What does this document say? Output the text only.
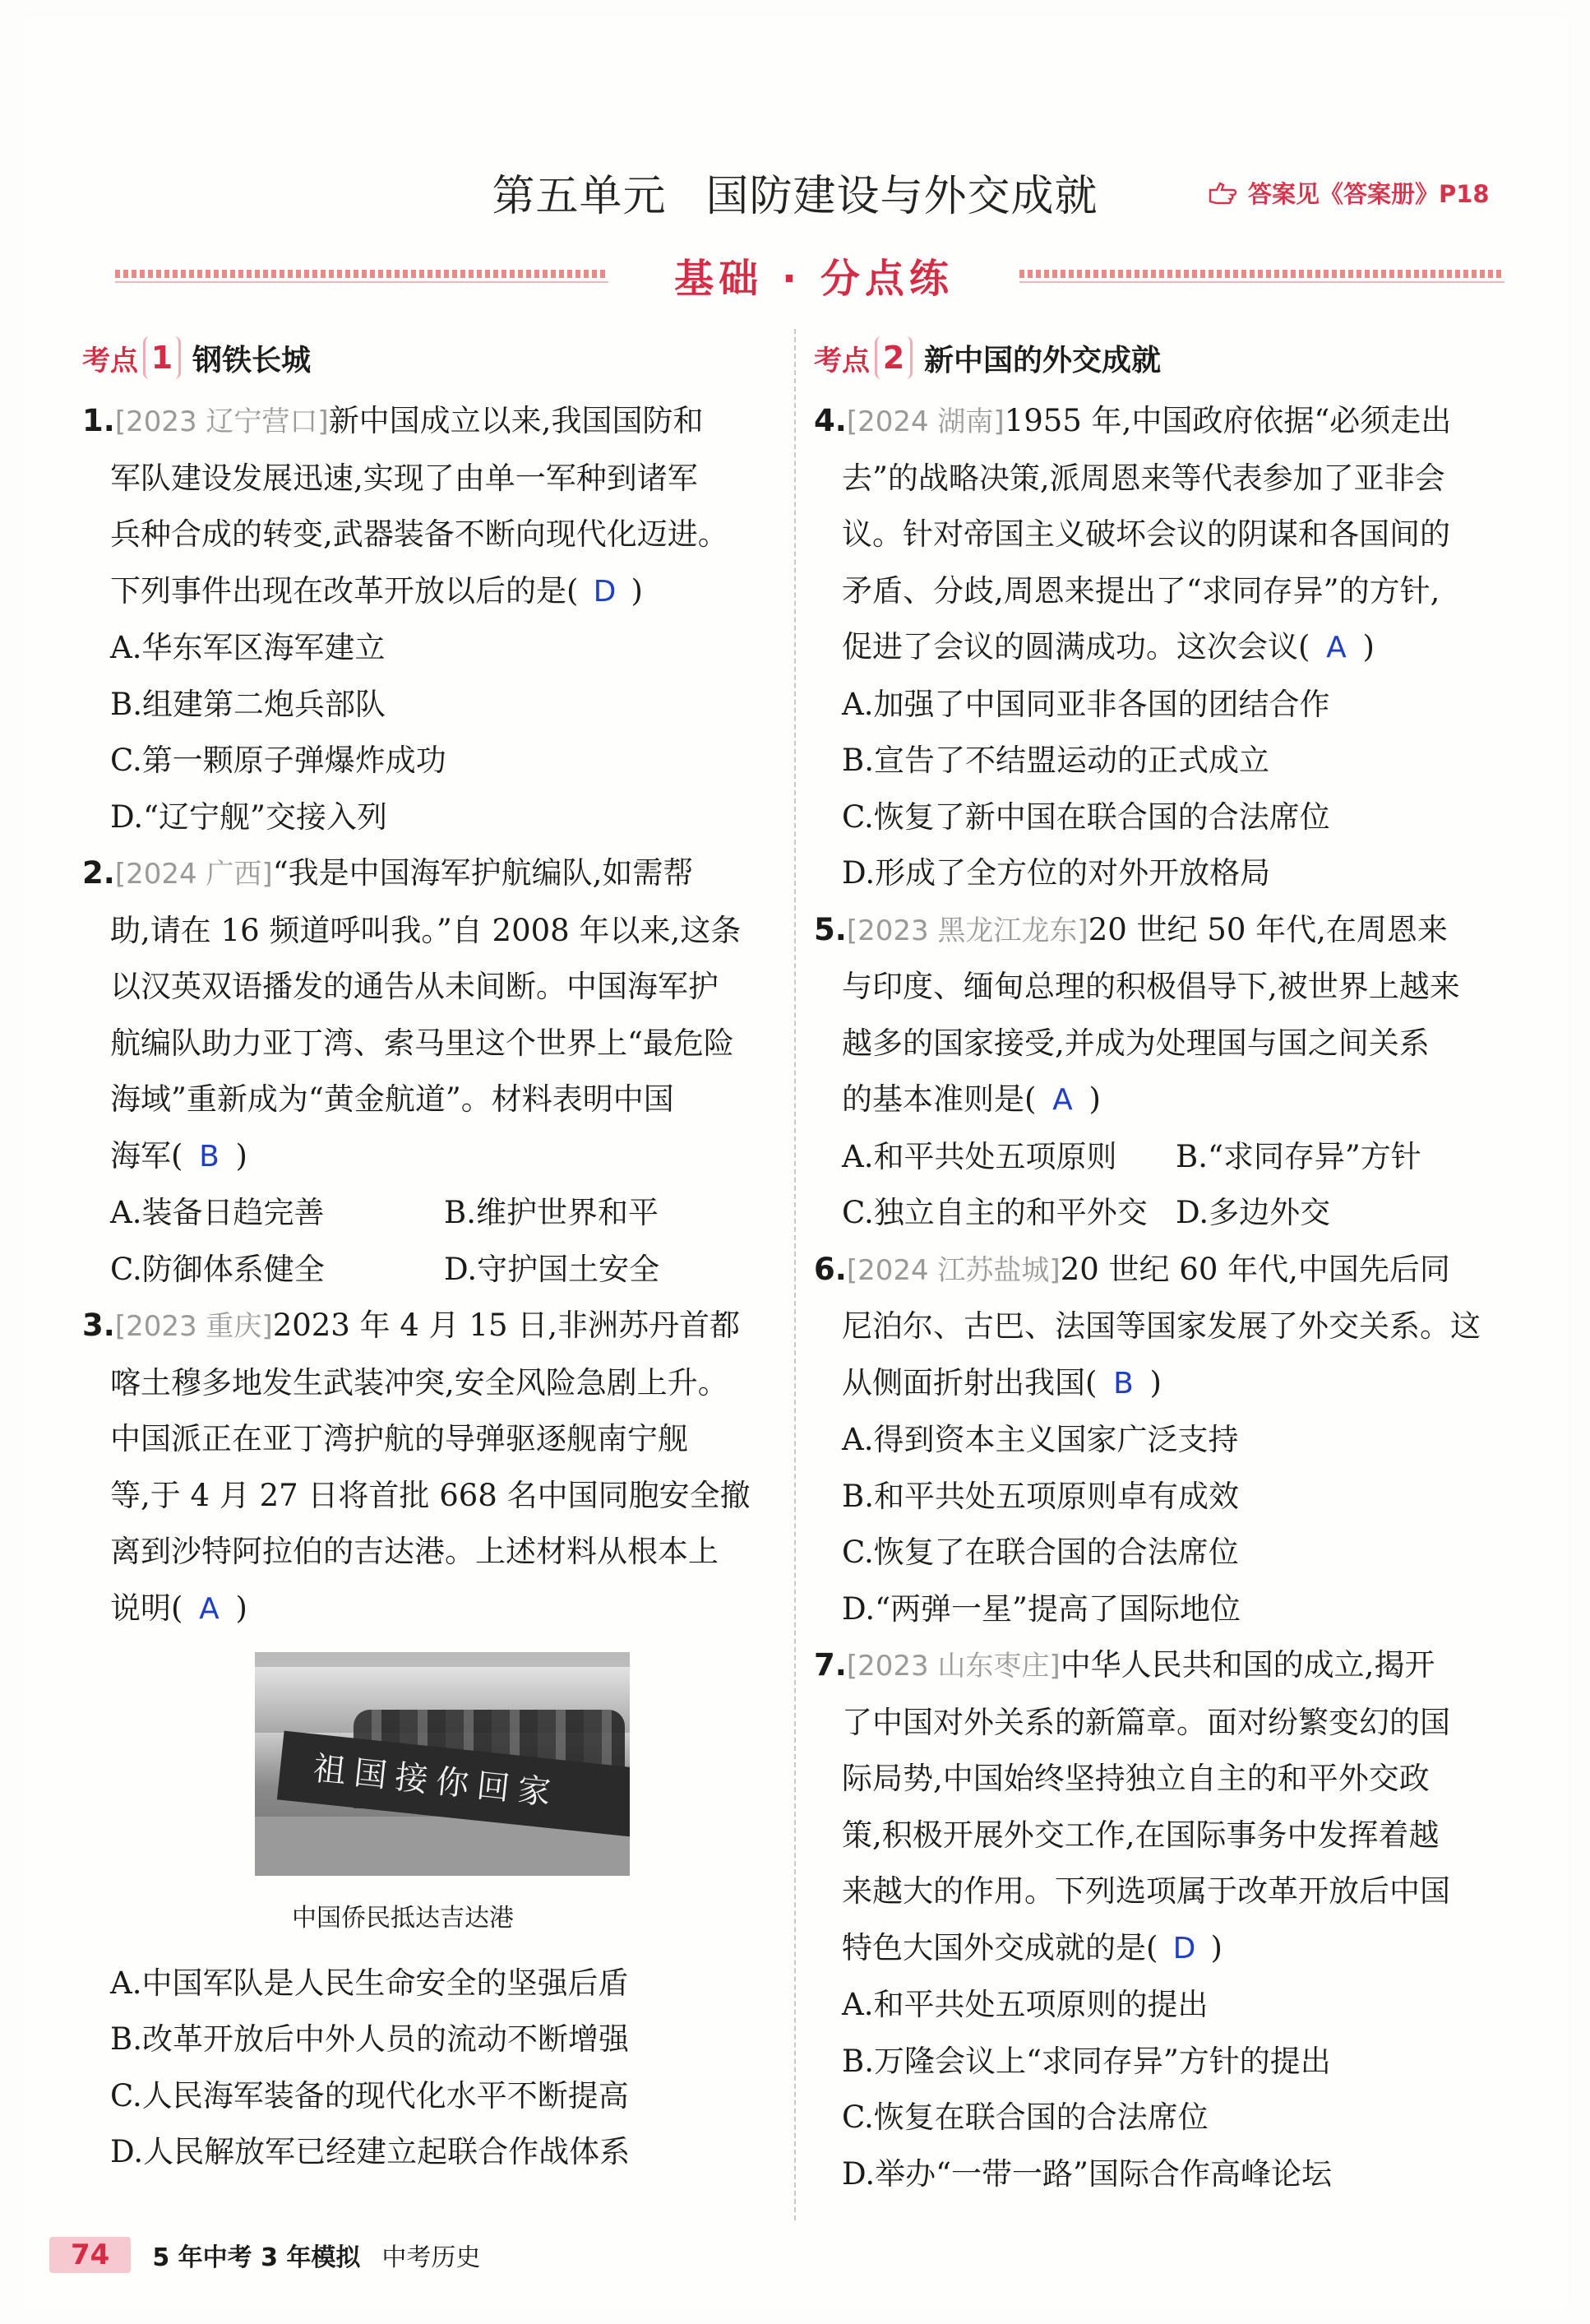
第五单元 国防建设与外交成就	答案见《答案册》P18
基础 · 分点练
考点 1 钢铁长城
1.[2023 辽宁营口]新中国成立以来,我国国防和
军队建设发展迅速,实现了由单一军种到诸军
兵种合成的转变,武器装备不断向现代化迈进。
下列事件出现在改革开放以后的是( D )
A.华东军区海军建立
B.组建第二炮兵部队
C.第一颗原子弹爆炸成功
D.“辽宁舰”交接入列
2.[2024 广西]“我是中国海军护航编队,如需帮
助,请在 16 频道呼叫我。”自 2008 年以来,这条
以汉英双语播发的通告从未间断。中国海军护
航编队助力亚丁湾、索马里这个世界上“最危险
海域”重新成为“黄金航道”。材料表明中国
海军( B )
A.装备日趋完善	B.维护世界和平
C.防御体系健全	D.守护国土安全
3.[2023 重庆]2023 年 4 月 15 日,非洲苏丹首都
喀土穆多地发生武装冲突,安全风险急剧上升。
中国派正在亚丁湾护航的导弹驱逐舰南宁舰
等,于 4 月 27 日将首批 668 名中国同胞安全撤
离到沙特阿拉伯的吉达港。上述材料从根本上
说明( A )
祖国接你回家
中国侨民抵达吉达港
A.中国军队是人民生命安全的坚强后盾
B.改革开放后中外人员的流动不断增强
C.人民海军装备的现代化水平不断提高
D.人民解放军已经建立起联合作战体系
考点 2 新中国的外交成就
4.[2024 湖南]1955 年,中国政府依据“必须走出
去”的战略决策,派周恩来等代表参加了亚非会
议。针对帝国主义破坏会议的阴谋和各国间的
矛盾、分歧,周恩来提出了“求同存异”的方针,
促进了会议的圆满成功。这次会议( A )
A.加强了中国同亚非各国的团结合作
B.宣告了不结盟运动的正式成立
C.恢复了新中国在联合国的合法席位
D.形成了全方位的对外开放格局
5.[2023 黑龙江龙东]20 世纪 50 年代,在周恩来
与印度、缅甸总理的积极倡导下,被世界上越来
越多的国家接受,并成为处理国与国之间关系
的基本准则是( A )
A.和平共处五项原则	B.“求同存异”方针
C.独立自主的和平外交 D.多边外交
6.[2024 江苏盐城]20 世纪 60 年代,中国先后同
尼泊尔、古巴、法国等国家发展了外交关系。这
从侧面折射出我国( B )
A.得到资本主义国家广泛支持
B.和平共处五项原则卓有成效
C.恢复了在联合国的合法席位
D.“两弹一星”提高了国际地位
7.[2023 山东枣庄]中华人民共和国的成立,揭开
了中国对外关系的新篇章。面对纷繁变幻的国
际局势,中国始终坚持独立自主的和平外交政
策,积极开展外交工作,在国际事务中发挥着越
来越大的作用。下列选项属于改革开放后中国
特色大国外交成就的是( D )
A.和平共处五项原则的提出
B.万隆会议上“求同存异”方针的提出
C.恢复在联合国的合法席位
D.举办“一带一路”国际合作高峰论坛
74	5 年中考 3 年模拟 中考历史
